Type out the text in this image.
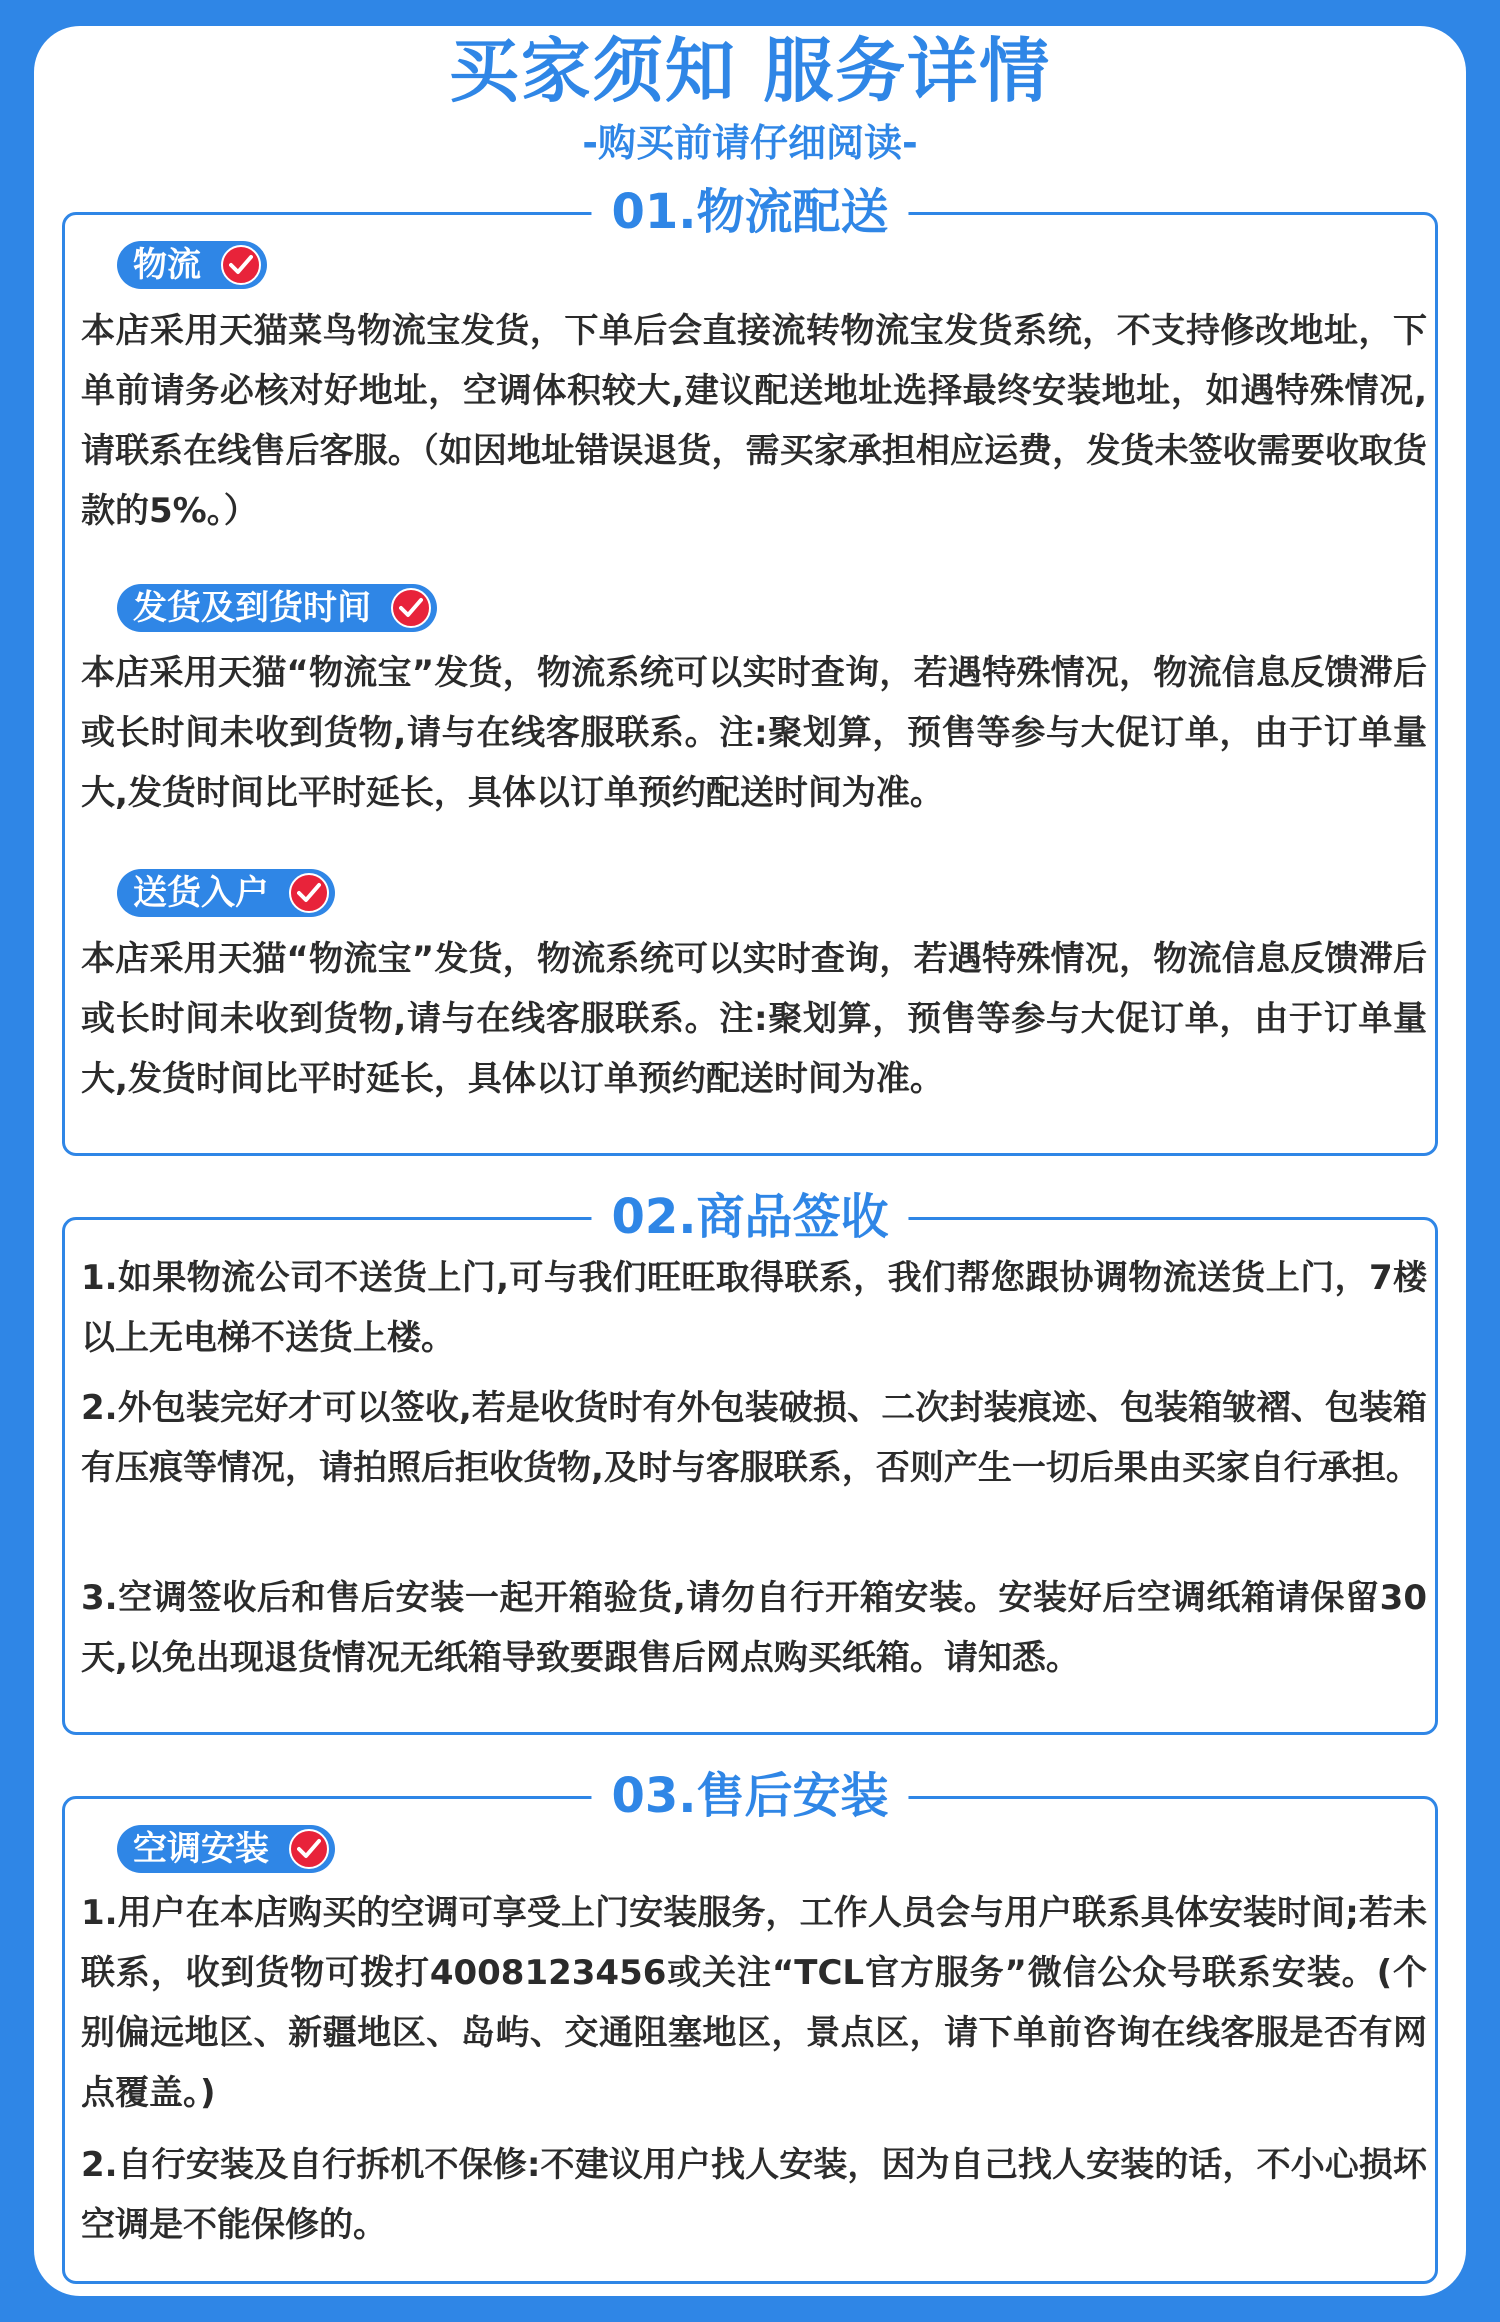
买家须知 服务详情
-购买前请仔细阅读-
01.物流配送
物流
本店采用天猫菜鸟物流宝发货，下单后会直接流转物流宝发货系统，不支持修改地址，下单前请务必核对好地址，空调体积较大,建议配送地址选择最终安装地址，如遇特殊情况,请联系在线售后客服。（如因地址错误退货，需买家承担相应运费，发货未签收需要收取货款的5%。）
发货及到货时间
本店采用天猫“物流宝”发货，物流系统可以实时查询，若遇特殊情况，物流信息反馈滞后或长时间未收到货物,请与在线客服联系。注:聚划算，预售等参与大促订单，由于订单量大,发货时间比平时延长，具体以订单预约配送时间为准。
送货入户
本店采用天猫“物流宝”发货，物流系统可以实时查询，若遇特殊情况，物流信息反馈滞后或长时间未收到货物,请与在线客服联系。注:聚划算，预售等参与大促订单，由于订单量大,发货时间比平时延长，具体以订单预约配送时间为准。
02.商品签收
1.如果物流公司不送货上门,可与我们旺旺取得联系，我们帮您跟协调物流送货上门，7楼以上无电梯不送货上楼。
2.外包装完好才可以签收,若是收货时有外包装破损、二次封装痕迹、包装箱皱褶、包装箱有压痕等情况，请拍照后拒收货物,及时与客服联系，否则产生一切后果由买家自行承担。
3.空调签收后和售后安装一起开箱验货,请勿自行开箱安装。安装好后空调纸箱请保留30天,以免出现退货情况无纸箱导致要跟售后网点购买纸箱。请知悉。
03.售后安装
空调安装
1.用户在本店购买的空调可享受上门安装服务，工作人员会与用户联系具体安装时间;若未联系，收到货物可拨打4008123456或关注“TCL官方服务”微信公众号联系安装。(个别偏远地区、新疆地区、岛屿、交通阻塞地区，景点区，请下单前咨询在线客服是否有网点覆盖。)
2.自行安装及自行拆机不保修:不建议用户找人安装，因为自己找人安装的话，不小心损坏空调是不能保修的。
